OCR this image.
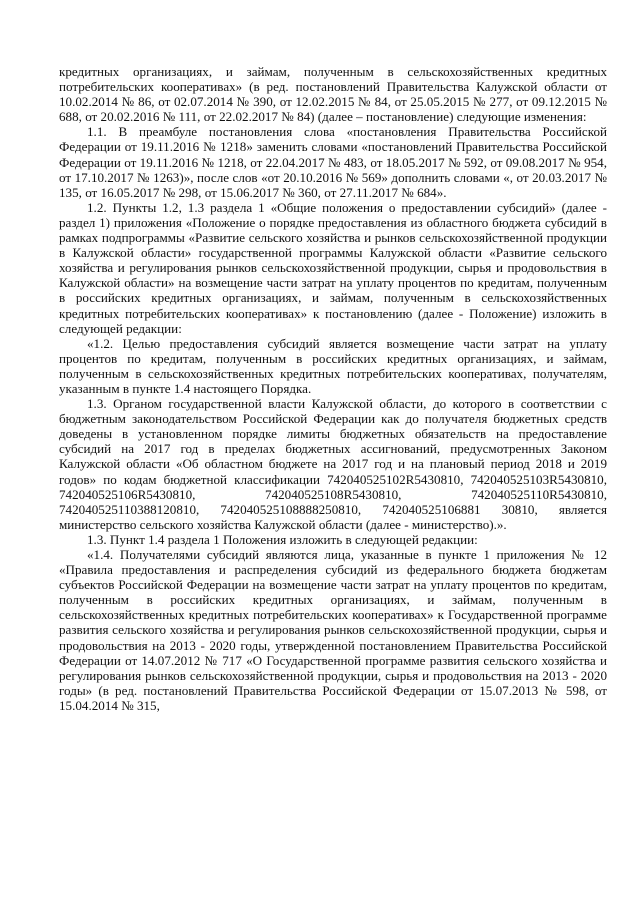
кредитных организациях, и займам, полученным в сельскохозяйственных кредитных потребительских кооперативах» (в ред. постановлений Правительства Калужской области от 10.02.2014 № 86, от 02.07.2014 № 390, от 12.02.2015 № 84, от 25.05.2015 № 277, от 09.12.2015 № 688, от 20.02.2016 № 111, от 22.02.2017 № 84) (далее – постановление) следующие изменения:

1.1. В преамбуле постановления слова «постановления Правительства Российской Федерации от 19.11.2016 № 1218» заменить словами «постановлений Правительства Российской Федерации от 19.11.2016 № 1218, от 22.04.2017 № 483, от 18.05.2017 № 592, от 09.08.2017 № 954, от 17.10.2017 № 1263)», после слов «от 20.10.2016 № 569» дополнить словами «, от 20.03.2017 № 135, от 16.05.2017 № 298, от 15.06.2017 № 360, от 27.11.2017 № 684».

1.2. Пункты 1.2, 1.3 раздела 1 «Общие положения о предоставлении субсидий» (далее - раздел 1) приложения «Положение о порядке предоставления из областного бюджета субсидий в рамках подпрограммы «Развитие сельского хозяйства и рынков сельскохозяйственной продукции в Калужской области» государственной программы Калужской области «Развитие сельского хозяйства и регулирования рынков сельскохозяйственной продукции, сырья и продовольствия в Калужской области» на возмещение части затрат на уплату процентов по кредитам, полученным в российских кредитных организациях, и займам, полученным в сельскохозяйственных кредитных потребительских кооперативах» к постановлению (далее - Положение) изложить в следующей редакции:

«1.2. Целью предоставления субсидий является возмещение части затрат на уплату процентов по кредитам, полученным в российских кредитных организациях, и займам, полученным в сельскохозяйственных кредитных потребительских кооперативах, получателям, указанным в пункте 1.4 настоящего Порядка.

1.3. Органом государственной власти Калужской области, до которого в соответствии с бюджетным законодательством Российской Федерации как до получателя бюджетных средств доведены в установленном порядке лимиты бюджетных обязательств на предоставление субсидий на 2017 год в пределах бюджетных ассигнований, предусмотренных Законом Калужской области «Об областном бюджете на 2017 год и на плановый период 2018 и 2019 годов» по кодам бюджетной классификации 742040525102R5430810, 742040525103R5430810, 742040525106R5430810, 742040525108R5430810, 742040525110R5430810, 742040525110388120810, 742040525108888250810, 742040525106881 30810, является министерство сельского хозяйства Калужской области (далее - министерство).».

1.3. Пункт 1.4 раздела 1 Положения изложить в следующей редакции:

«1.4. Получателями субсидий являются лица, указанные в пункте 1 приложения № 12 «Правила предоставления и распределения субсидий из федерального бюджета бюджетам субъектов Российской Федерации на возмещение части затрат на уплату процентов по кредитам, полученным в российских кредитных организациях, и займам, полученным в сельскохозяйственных кредитных потребительских кооперативах» к Государственной программе развития сельского хозяйства и регулирования рынков сельскохозяйственной продукции, сырья и продовольствия на 2013 - 2020 годы, утвержденной постановлением Правительства Российской Федерации от 14.07.2012 № 717 «О Государственной программе развития сельского хозяйства и регулирования рынков сельскохозяйственной продукции, сырья и продовольствия на 2013 - 2020 годы» (в ред. постановлений Правительства Российской Федерации от 15.07.2013 № 598, от 15.04.2014 № 315,
